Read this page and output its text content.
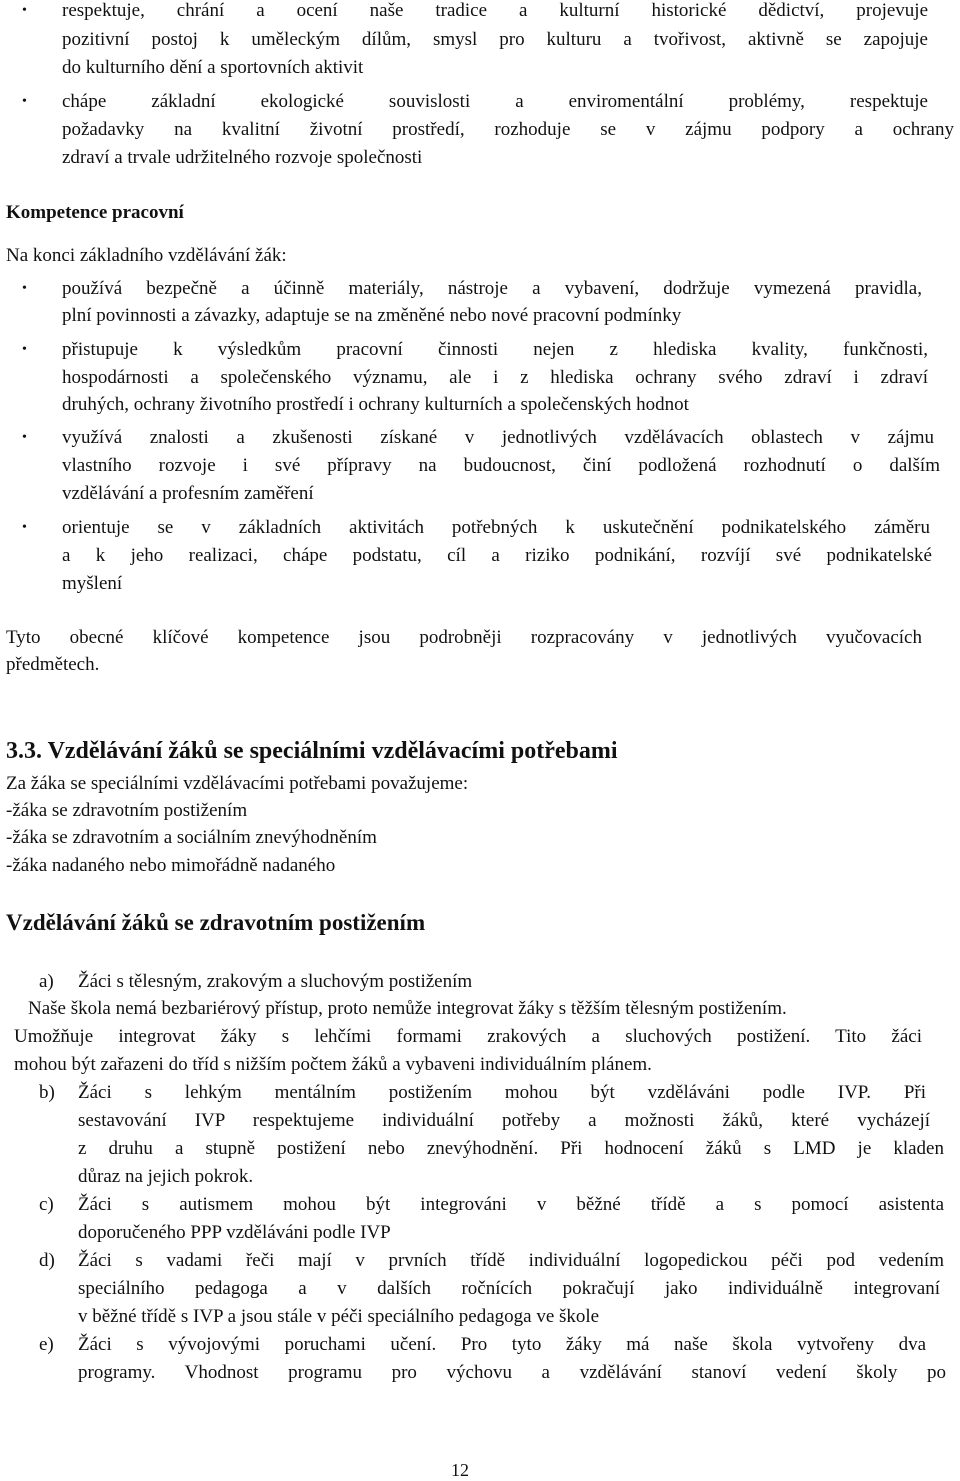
• respektuje, chrání a ocení naše tradice a kulturní historické dědictví, projevuje
pozitivní postoj k uměleckým dílům, smysl pro kulturu a tvořivost, aktivně se zapojuje
do kulturního dění a sportovních aktivit
• chápe základní ekologické souvislosti a enviromentální problémy, respektuje
požadavky na kvalitní životní prostředí, rozhoduje se v zájmu podpory a ochrany
zdraví a trvale udržitelného rozvoje společnosti
Kompetence pracovní
Na konci základního vzdělávání žák:
• používá bezpečně a účinně materiály, nástroje a vybavení, dodržuje vymezená pravidla,
plní povinnosti a závazky, adaptuje se na změněné nebo nové pracovní podmínky
• přistupuje k výsledkům pracovní činnosti nejen z hlediska kvality, funkčnosti,
hospodárnosti a společenského významu, ale i z hlediska ochrany svého zdraví i zdraví
druhých, ochrany životního prostředí i ochrany kulturních a společenských hodnot
• využívá znalosti a zkušenosti získané v jednotlivých vzdělávacích oblastech v zájmu
vlastního rozvoje i své přípravy na budoucnost, činí podložená rozhodnutí o dalším
vzdělávání a profesním zaměření
• orientuje se v základních aktivitách potřebných k uskutečnění podnikatelského záměru
a k jeho realizaci, chápe podstatu, cíl a riziko podnikání, rozvíjí své podnikatelské
myšlení
Tyto obecné klíčové kompetence jsou podrobněji rozpracovány v jednotlivých vyučovacích
předmětech.
3.3. Vzdělávání žáků se speciálními vzdělávacími potřebami
Za žáka se speciálními vzdělávacími potřebami považujeme:
-žáka se zdravotním postižením
-žáka se zdravotním a sociálním znevýhodněním
-žáka nadaného nebo mimořádně nadaného
Vzdělávání žáků se zdravotním postižením
a) Žáci s tělesným, zrakovým a sluchovým postižením
Naše škola nemá bezbariérový přístup, proto nemůže integrovat žáky s těžším tělesným postižením.
Umožňuje integrovat žáky s lehčími formami zrakových a sluchových postižení. Tito žáci
mohou být zařazeni do tříd s nižším počtem žáků a vybaveni individuálním plánem.
b) Žáci s lehkým mentálním postižením mohou být vzděláváni podle IVP. Při
sestavování IVP respektujeme individuální potřeby a možnosti žáků, které vycházejí
z druhu a stupně postižení nebo znevýhodnění. Při hodnocení žáků s LMD je kladen
důraz na jejich pokrok.
c) Žáci s autismem mohou být integrováni v běžné třídě a s pomocí asistenta
doporučeného PPP vzděláváni podle IVP
d) Žáci s vadami řeči mají v prvních třídě individuální logopedickou péči pod vedením
speciálního pedagoga a v dalších ročnících pokračují jako individuálně integrovaní
v běžné třídě s IVP a jsou stále v péči speciálního pedagoga ve škole
e) Žáci s vývojovými poruchami učení. Pro tyto žáky má naše škola vytvořeny dva
programy. Vhodnost programu pro výchovu a vzdělávání stanoví vedení školy po
12
